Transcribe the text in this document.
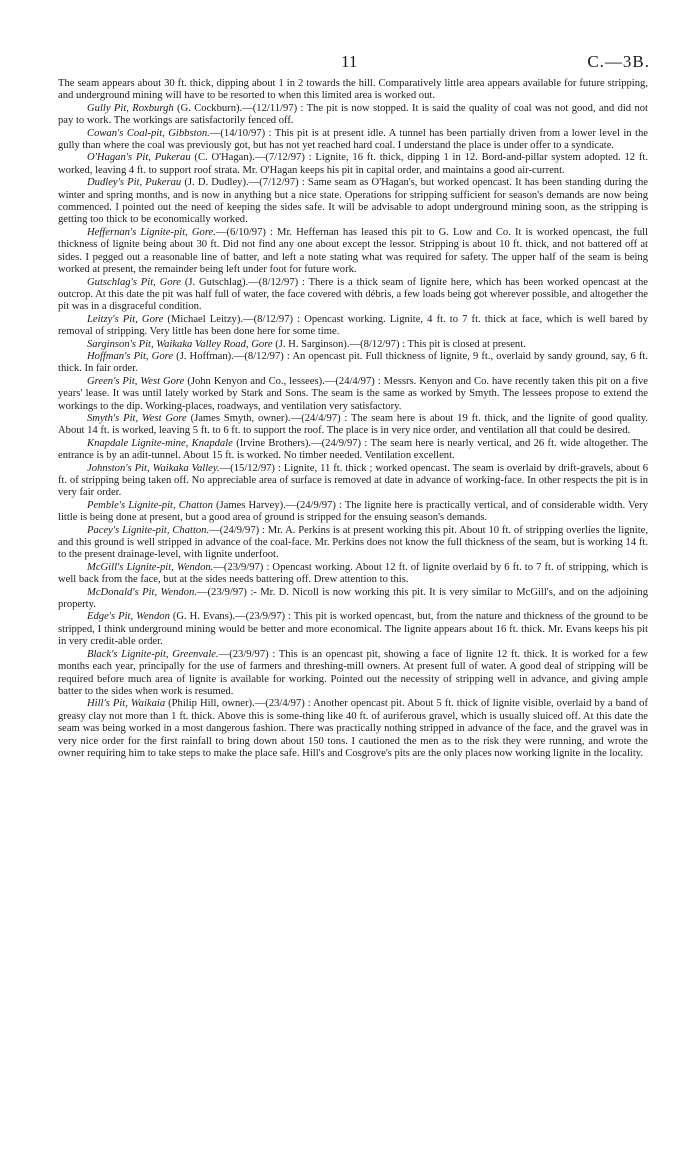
11	C.—3B.

The seam appears about 30 ft. thick, dipping about 1 in 2 towards the hill. Comparatively little area appears available for future stripping, and underground mining will have to be resorted to when this limited area is worked out.

Gully Pit, Roxburgh (G. Cockburn).—(12/11/97) : The pit is now stopped. It is said the quality of coal was not good, and did not pay to work. The workings are satisfactorily fenced off.

Cowan's Coal-pit, Gibbston.—(14/10/97) : This pit is at present idle. A tunnel has been partially driven from a lower level in the gully than where the coal was previously got, but has not yet reached hard coal. I understand the place is under offer to a syndicate.

O'Hagan's Pit, Pukerau (C. O'Hagan).—(7/12/97) : Lignite, 16 ft. thick, dipping 1 in 12. Bord-and-pillar system adopted. 12 ft. worked, leaving 4 ft. to support roof strata. Mr. O'Hagan keeps his pit in capital order, and maintains a good air-current.

Dudley's Pit, Pukerau (J. D. Dudley).—(7/12/97) : Same seam as O'Hagan's, but worked opencast. It has been standing during the winter and spring months, and is now in anything but a nice state. Operations for stripping sufficient for season's demands are now being commenced. I pointed out the need of keeping the sides safe. It will be advisable to adopt underground mining soon, as the stripping is getting too thick to be economically worked.

Heffernan's Lignite-pit, Gore.—(6/10/97) : Mr. Heffernan has leased this pit to G. Low and Co. It is worked opencast, the full thickness of lignite being about 30 ft. Did not find any one about except the lessor. Stripping is about 10 ft. thick, and not battered off at sides. I pegged out a reasonable line of batter, and left a note stating what was required for safety. The upper half of the seam is being worked at present, the remainder being left under foot for future work.

Gutschlag's Pit, Gore (J. Gutschlag).—(8/12/97) : There is a thick seam of lignite here, which has been worked opencast at the outcrop. At this date the pit was half full of water, the face covered with débris, a few loads being got wherever possible, and altogether the pit was in a disgraceful condition.

Leitzy's Pit, Gore (Michael Leitzy).—(8/12/97) : Opencast working. Lignite, 4 ft. to 7 ft. thick at face, which is well bared by removal of stripping. Very little has been done here for some time.

Sarginson's Pit, Waikaka Valley Road, Gore (J. H. Sarginson).—(8/12/97) : This pit is closed at present.

Hoffman's Pit, Gore (J. Hoffman).—(8/12/97) : An opencast pit. Full thickness of lignite, 9 ft., overlaid by sandy ground, say, 6 ft. thick. In fair order.

Green's Pit, West Gore (John Kenyon and Co., lessees).—(24/4/97) : Messrs. Kenyon and Co. have recently taken this pit on a five years' lease. It was until lately worked by Stark and Sons. The seam is the same as worked by Smyth. The lessees propose to extend the workings to the dip. Working-places, roadways, and ventilation very satisfactory.

Smyth's Pit, West Gore (James Smyth, owner).—(24/4/97) : The seam here is about 19 ft. thick, and the lignite of good quality. About 14 ft. is worked, leaving 5 ft. to 6 ft. to support the roof. The place is in very nice order, and ventilation all that could be desired.

Knapdale Lignite-mine, Knapdale (Irvine Brothers).—(24/9/97) : The seam here is nearly vertical, and 26 ft. wide altogether. The entrance is by an adit-tunnel. About 15 ft. is worked. No timber needed. Ventilation excellent.

Johnston's Pit, Waikaka Valley.—(15/12/97) : Lignite, 11 ft. thick ; worked opencast. The seam is overlaid by drift-gravels, about 6 ft. of stripping being taken off. No appreciable area of surface is removed at date in advance of working-face. In other respects the pit is in very fair order.

Pemble's Lignite-pit, Chatton (James Harvey).—(24/9/97) : The lignite here is practically vertical, and of considerable width. Very little is being done at present, but a good area of ground is stripped for the ensuing season's demands.

Pacey's Lignite-pit, Chatton.—(24/9/97) : Mr. A. Perkins is at present working this pit. About 10 ft. of stripping overlies the lignite, and this ground is well stripped in advance of the coal-face. Mr. Perkins does not know the full thickness of the seam, but is working 14 ft. to the present drainage-level, with lignite underfoot.

McGill's Lignite-pit, Wendon.—(23/9/97) : Opencast working. About 12 ft. of lignite overlaid by 6 ft. to 7 ft. of stripping, which is well back from the face, but at the sides needs battering off. Drew attention to this.

McDonald's Pit, Wendon.—(23/9/97) :- Mr. D. Nicoll is now working this pit. It is very similar to McGill's, and on the adjoining property.

Edge's Pit, Wendon (G. H. Evans).—(23/9/97) : This pit is worked opencast, but, from the nature and thickness of the ground to be stripped, I think underground mining would be better and more economical. The lignite appears about 16 ft. thick. Mr. Evans keeps his pit in very credit-able order.

Black's Lignite-pit, Greenvale.—(23/9/97) : This is an opencast pit, showing a face of lignite 12 ft. thick. It is worked for a few months each year, principally for the use of farmers and threshing-mill owners. At present full of water. A good deal of stripping will be required before much area of lignite is available for working. Pointed out the necessity of stripping well in advance, and giving ample batter to the sides when work is resumed.

Hill's Pit, Waikaia (Philip Hill, owner).—(23/4/97) : Another opencast pit. About 5 ft. thick of lignite visible, overlaid by a band of greasy clay not more than 1 ft. thick. Above this is some-thing like 40 ft. of auriferous gravel, which is usually sluiced off. At this date the seam was being worked in a most dangerous fashion. There was practically nothing stripped in advance of the face, and the gravel was in very nice order for the first rainfall to bring down about 150 tons. I cautioned the men as to the risk they were running, and wrote the owner requiring him to take steps to make the place safe. Hill's and Cosgrove's pits are the only places now working lignite in the locality.
